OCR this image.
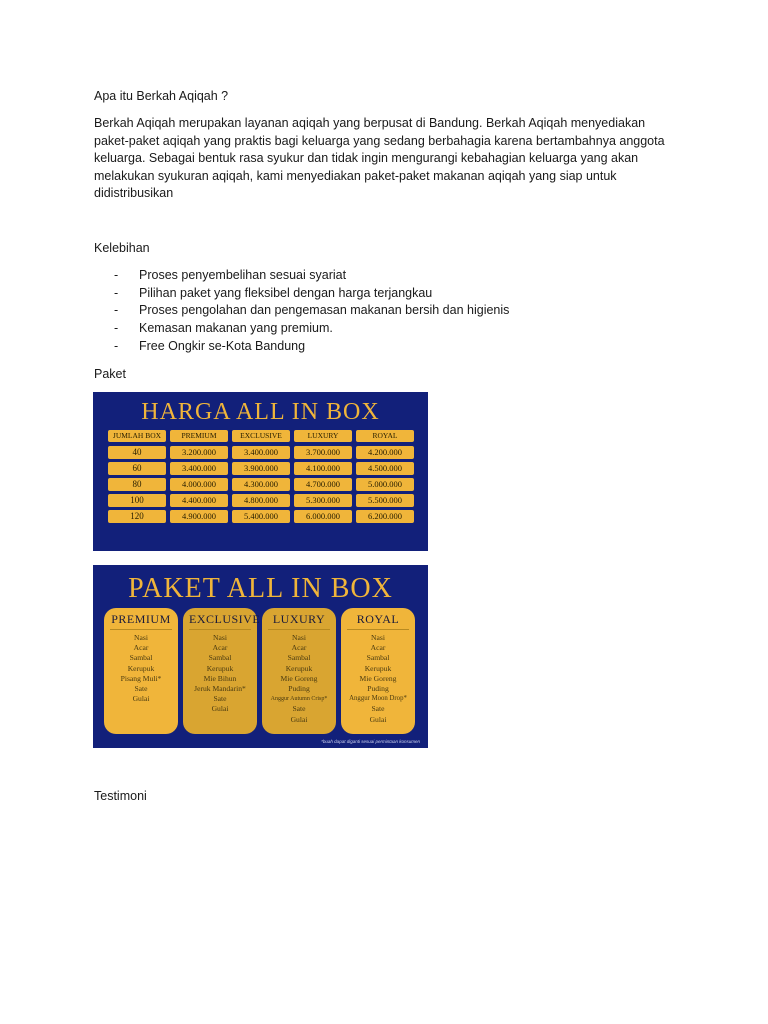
Apa itu Berkah Aqiqah ?

Berkah Aqiqah merupakan layanan aqiqah yang berpusat di Bandung. Berkah Aqiqah menyediakan paket-paket aqiqah yang praktis bagi keluarga yang sedang berbahagia karena bertambahnya anggota keluarga. Sebagai bentuk rasa syukur dan tidak ingin mengurangi kebahagian keluarga yang akan melakukan syukuran aqiqah, kami menyediakan paket-paket makanan aqiqah yang siap untuk didistribusikan

Kelebihan
-	Proses penyembelihan sesuai syariat
-	Pilihan paket yang fleksibel dengan harga terjangkau
-	Proses pengolahan dan pengemasan makanan bersih dan higienis
-	Kemasan makanan yang premium.
-	Free Ongkir se-Kota Bandung
Paket
Testimoni
HARGA ALL IN BOX
JUMLAH BOX	PREMIUM	EXCLUSIVE	LUXURY	ROYAL
40	3.200.000	3.400.000	3.700.000	4.200.000
60	3.400.000	3.900.000	4.100.000	4.500.000
80	4.000.000	4.300.000	4.700.000	5.000.000
100	4.400.000	4.800.000	5.300.000	5.500.000
120	4.900.000	5.400.000	6.000.000	6.200.000
PAKET ALL IN BOX
PREMIUM
Nasi
Acar
Sambal
Kerupuk
Pisang Muli*
Sate
Gulai
EXCLUSIVE
Nasi
Acar
Sambal
Kerupuk
Mie Bihun
Jeruk Mandarin*
Sate
Gulai
LUXURY
Nasi
Acar
Sambal
Kerupuk
Mie Goreng
Puding
Anggur Autumn Crisp*
Sate
Gulai
ROYAL
Nasi
Acar
Sambal
Kerupuk
Mie Goreng
Puding
Anggur Moon Drop*
Sate
Gulai
*buah dapat diganti sesuai permintaan konsumen
